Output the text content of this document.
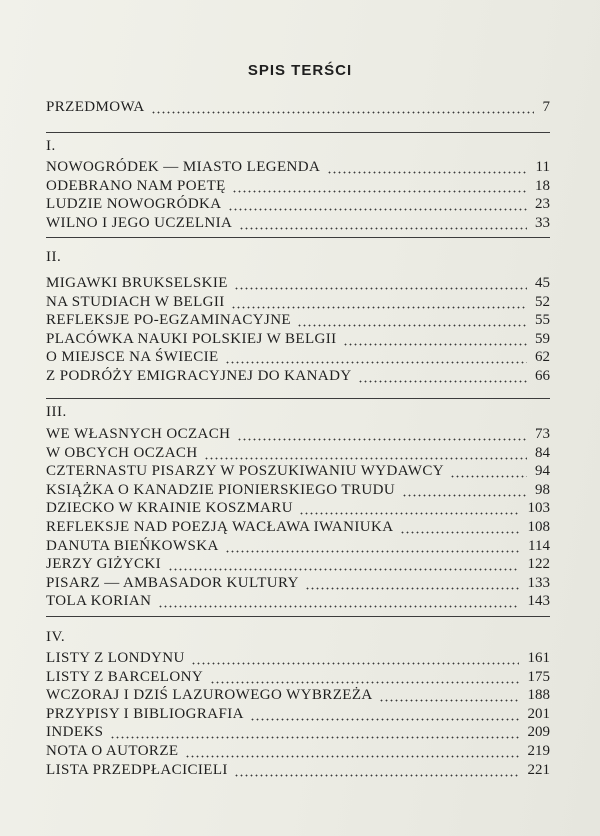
SPIS TERŚCI
PRZEDMOWA	7
I.
NOWOGRÓDEK — MIASTO LEGENDA	11
ODEBRANO NAM POETĘ	18
LUDZIE NOWOGRÓDKA	23
WILNO I JEGO UCZELNIA	33
II.
MIGAWKI BRUKSELSKIE	45
NA STUDIACH W BELGII	52
REFLEKSJE PO-EGZAMINACYJNE	55
PLACÓWKA NAUKI POLSKIEJ W BELGII	59
O MIEJSCE NA ŚWIECIE	62
Z PODRÓŻY EMIGRACYJNEJ DO KANADY	66
III.
WE WŁASNYCH OCZACH	73
W OBCYCH OCZACH	84
CZTERNASTU PISARZY W POSZUKIWANIU WYDAWCY	94
KSIĄŻKA O KANADZIE PIONIERSKIEGO TRUDU	98
DZIECKO W KRAINIE KOSZMARU	103
REFLEKSJE NAD POEZJĄ WACŁAWA IWANIUKA	108
DANUTA BIEŃKOWSKA	114
JERZY GIŻYCKI	122
PISARZ — AMBASADOR KULTURY	133
TOLA KORIAN	143
IV.
LISTY Z LONDYNU	161
LISTY Z BARCELONY	175
WCZORAJ I DZIŚ LAZUROWEGO WYBRZEŻA	188
PRZYPISY I BIBLIOGRAFIA	201
INDEKS	209
NOTA O AUTORZE	219
LISTA PRZEDPŁACICIELI	221
